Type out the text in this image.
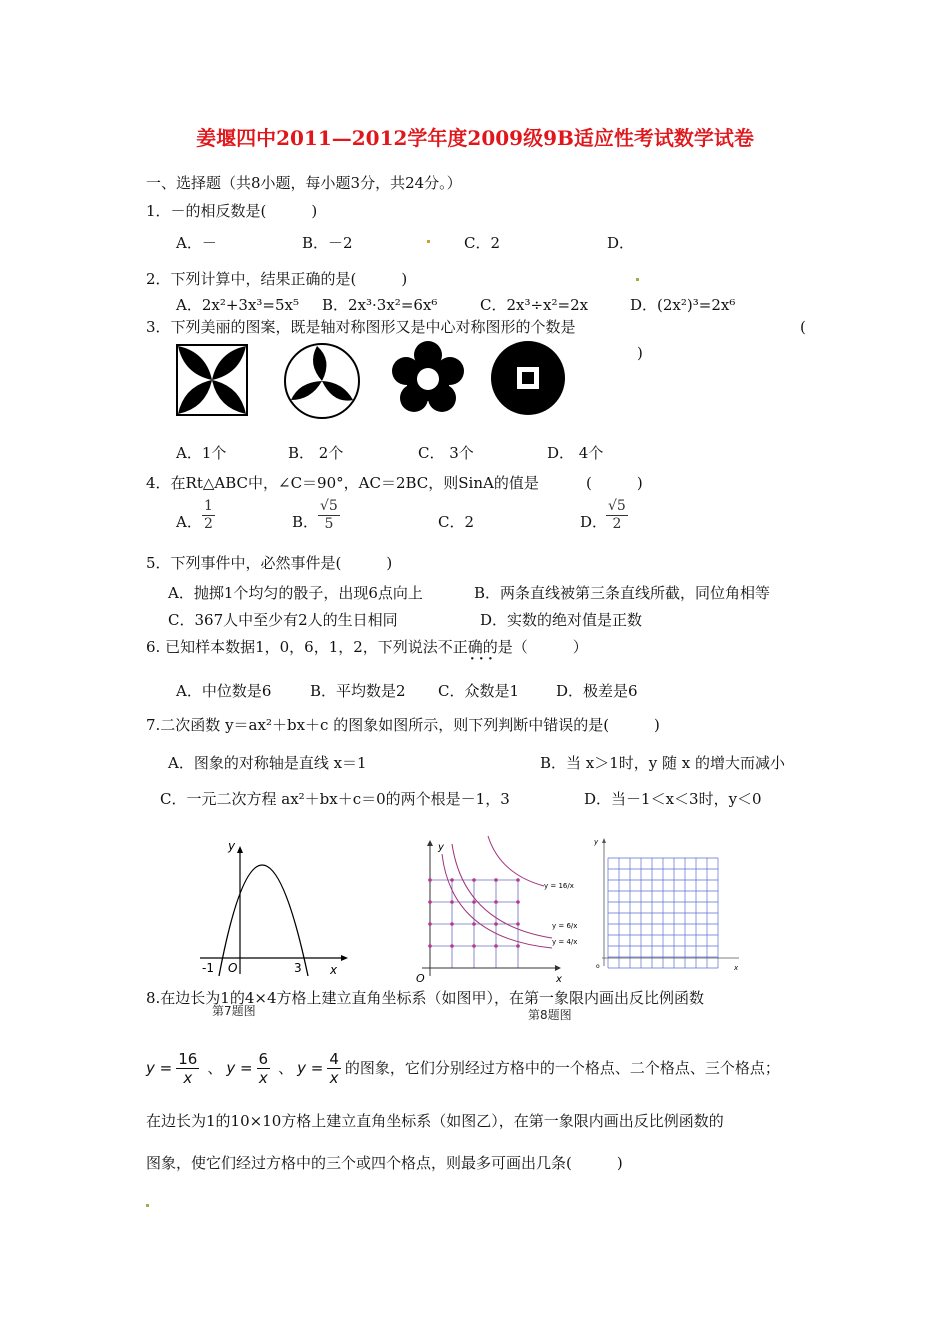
姜堰四中2011—2012学年度2009级9B适应性考试数学试卷
一、选择题（共8小题，每小题3分，共24分。）
1．－的相反数是(　　　)
A．－	B．－2	C．2	D．
2．下列计算中，结果正确的是(　　　)
A．2x²+3x³=5x⁵ B．2x³·3x²=6x⁶	C．2x³÷x²=2x	D．(2x²)³=2x⁶
3．下列美丽的图案，既是轴对称图形又是中心对称图形的个数是	(
)
A．1个	B． 2个	C． 3个	D． 4个
4．在Rt△ABC中，∠C＝90°，AC＝2BC，则SinA的值是	(　　　)
A． $\frac{1}{2}$	B． $\frac{√5}{5}$	C．2	D．
$\frac{√5}{2}$
5．下列事件中，必然事件是(　　　)
A．抛掷1个均匀的骰子，出现6点向上	B．两条直线被第三条直线所截，同位角相等
C．367人中至少有2人的生日相同	D．实数的绝对值是正数
6. 已知样本数据1，0，6，1，2，下列说法不正确的是（　　　）
· · ·
A．中位数是6	B．平均数是2 C．众数是1 D．极差是6
7.二次函数 y＝ax²＋bx＋c 的图象如图所示，则下列判断中错误的是(　　　)
A．图象的对称轴是直线 x＝1	B．当 x＞1时，y 随 x 的增大而减小
C．一元二次方程 ax²＋bx＋c＝0的两个根是－1，3	D．当－1＜x＜3时，y＜0
y
x
-1 O	3
y
x
O
y = 16/x
y = 6/x
y = 4/x
y
x
o
8.在边长为1的4×4方格上建立直角坐标系（如图甲），在第一象限内画出反比例函数
第7题图	第8题图
$y = \frac{16}{x}$ 、 $y = \frac{6}{x}$ 、 $y = \frac{4}{x}$ 的图象，它们分别经过方格中的一个格点、二个格点、三个格点；
在边长为1的10×10方格上建立直角坐标系（如图乙），在第一象限内画出反比例函数的
图象，使它们经过方格中的三个或四个格点，则最多可画出几条(　　　)
